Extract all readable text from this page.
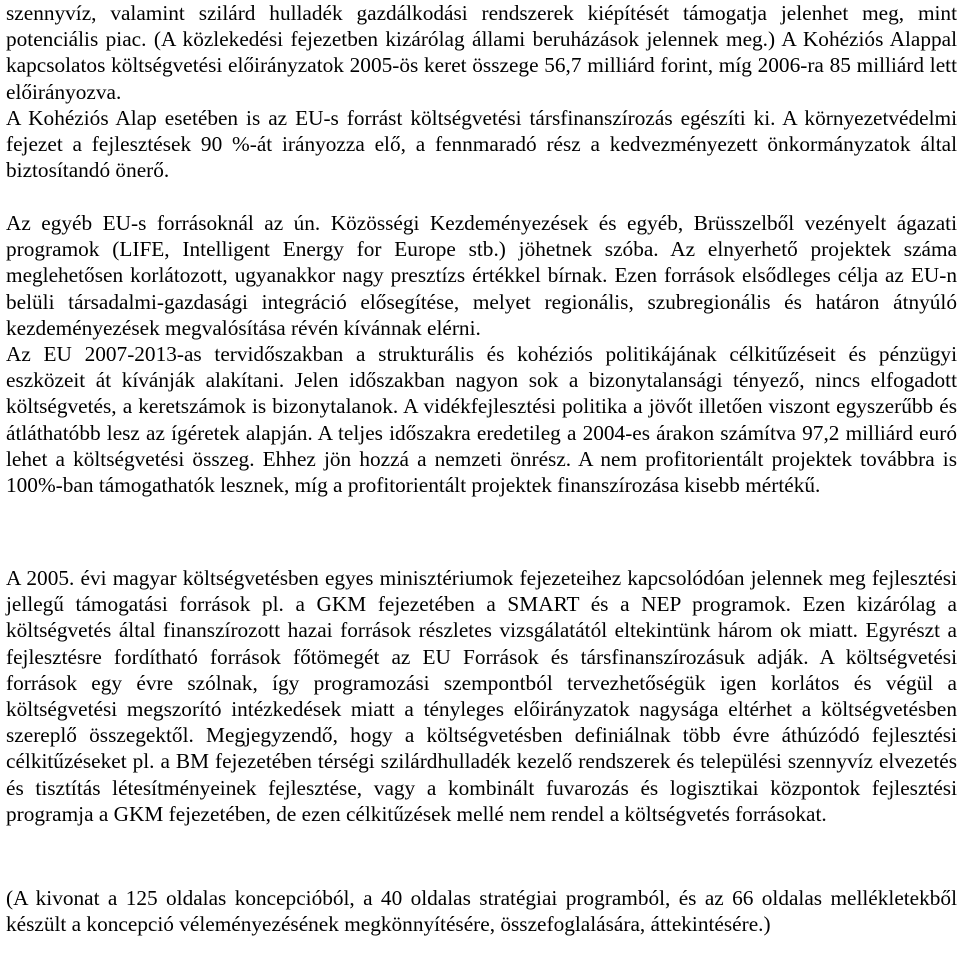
szennyvíz, valamint szilárd hulladék gazdálkodási rendszerek kiépítését támogatja jelenhet meg, mint potenciális piac. (A közlekedési fejezetben kizárólag állami beruházások jelennek meg.) A Kohéziós Alappal kapcsolatos költségvetési előirányzatok 2005-ös keret összege 56,7 milliárd forint, míg 2006-ra 85 milliárd lett előirányozva.

A Kohéziós Alap esetében is az EU-s forrást költségvetési társfinanszírozás egészíti ki. A környezetvédelmi fejezet a fejlesztések 90 %-át irányozza elő, a fennmaradó rész a kedvezményezett önkormányzatok által biztosítandó önerő.

Az egyéb EU-s forrásoknál az ún. Közösségi Kezdeményezések és egyéb, Brüsszelből vezényelt ágazati programok (LIFE, Intelligent Energy for Europe stb.) jöhetnek szóba. Az elnyerhető projektek száma meglehetősen korlátozott, ugyanakkor nagy presztízs értékkel bírnak. Ezen források elsődleges célja az EU-n belüli társadalmi-gazdasági integráció elősegítése, melyet regionális, szubregionális és határon átnyúló kezdeményezések megvalósítása révén kívánnak elérni.

Az EU 2007-2013-as tervidőszakban a strukturális és kohéziós politikájának célkitűzéseit és pénzügyi eszközeit át kívánják alakítani. Jelen időszakban nagyon sok a bizonytalansági tényező, nincs elfogadott költségvetés, a keretszámok is bizonytalanok. A vidékfejlesztési politika a jövőt illetően viszont egyszerűbb és átláthatóbb lesz az ígéretek alapján. A teljes időszakra eredetileg a 2004-es árakon számítva 97,2 milliárd euró lehet a költségvetési összeg. Ehhez jön hozzá a nemzeti önrész. A nem profitorientált projektek továbbra is 100%-ban támogathatók lesznek, míg a profitorientált projektek finanszírozása kisebb mértékű.

A 2005. évi magyar költségvetésben egyes minisztériumok fejezeteihez kapcsolódóan jelennek meg fejlesztési jellegű támogatási források pl. a GKM fejezetében a SMART és a NEP programok. Ezen kizárólag a költségvetés által finanszírozott hazai források részletes vizsgálatától eltekintünk három ok miatt. Egyrészt a fejlesztésre fordítható források főtömegét az EU Források és társfinanszírozásuk adják. A költségvetési források egy évre szólnak, így programozási szempontból tervezhetőségük igen korlátos és végül a költségvetési megszorító intézkedések miatt a tényleges előirányzatok nagysága eltérhet a költségvetésben szereplő összegektől. Megjegyzendő, hogy a költségvetésben definiálnak több évre áthúzódó fejlesztési célkitűzéseket pl. a BM fejezetében térségi szilárdhulladék kezelő rendszerek és települési szennyvíz elvezetés és tisztítás létesítményeinek fejlesztése, vagy a kombinált fuvarozás és logisztikai központok fejlesztési programja a GKM fejezetében, de ezen célkitűzések mellé nem rendel a költségvetés forrásokat.

(A kivonat a 125 oldalas koncepcióból, a 40 oldalas stratégiai programból, és az 66 oldalas mellékletekből készült a koncepció véleményezésének megkönnyítésére, összefoglalására, áttekintésére.)
